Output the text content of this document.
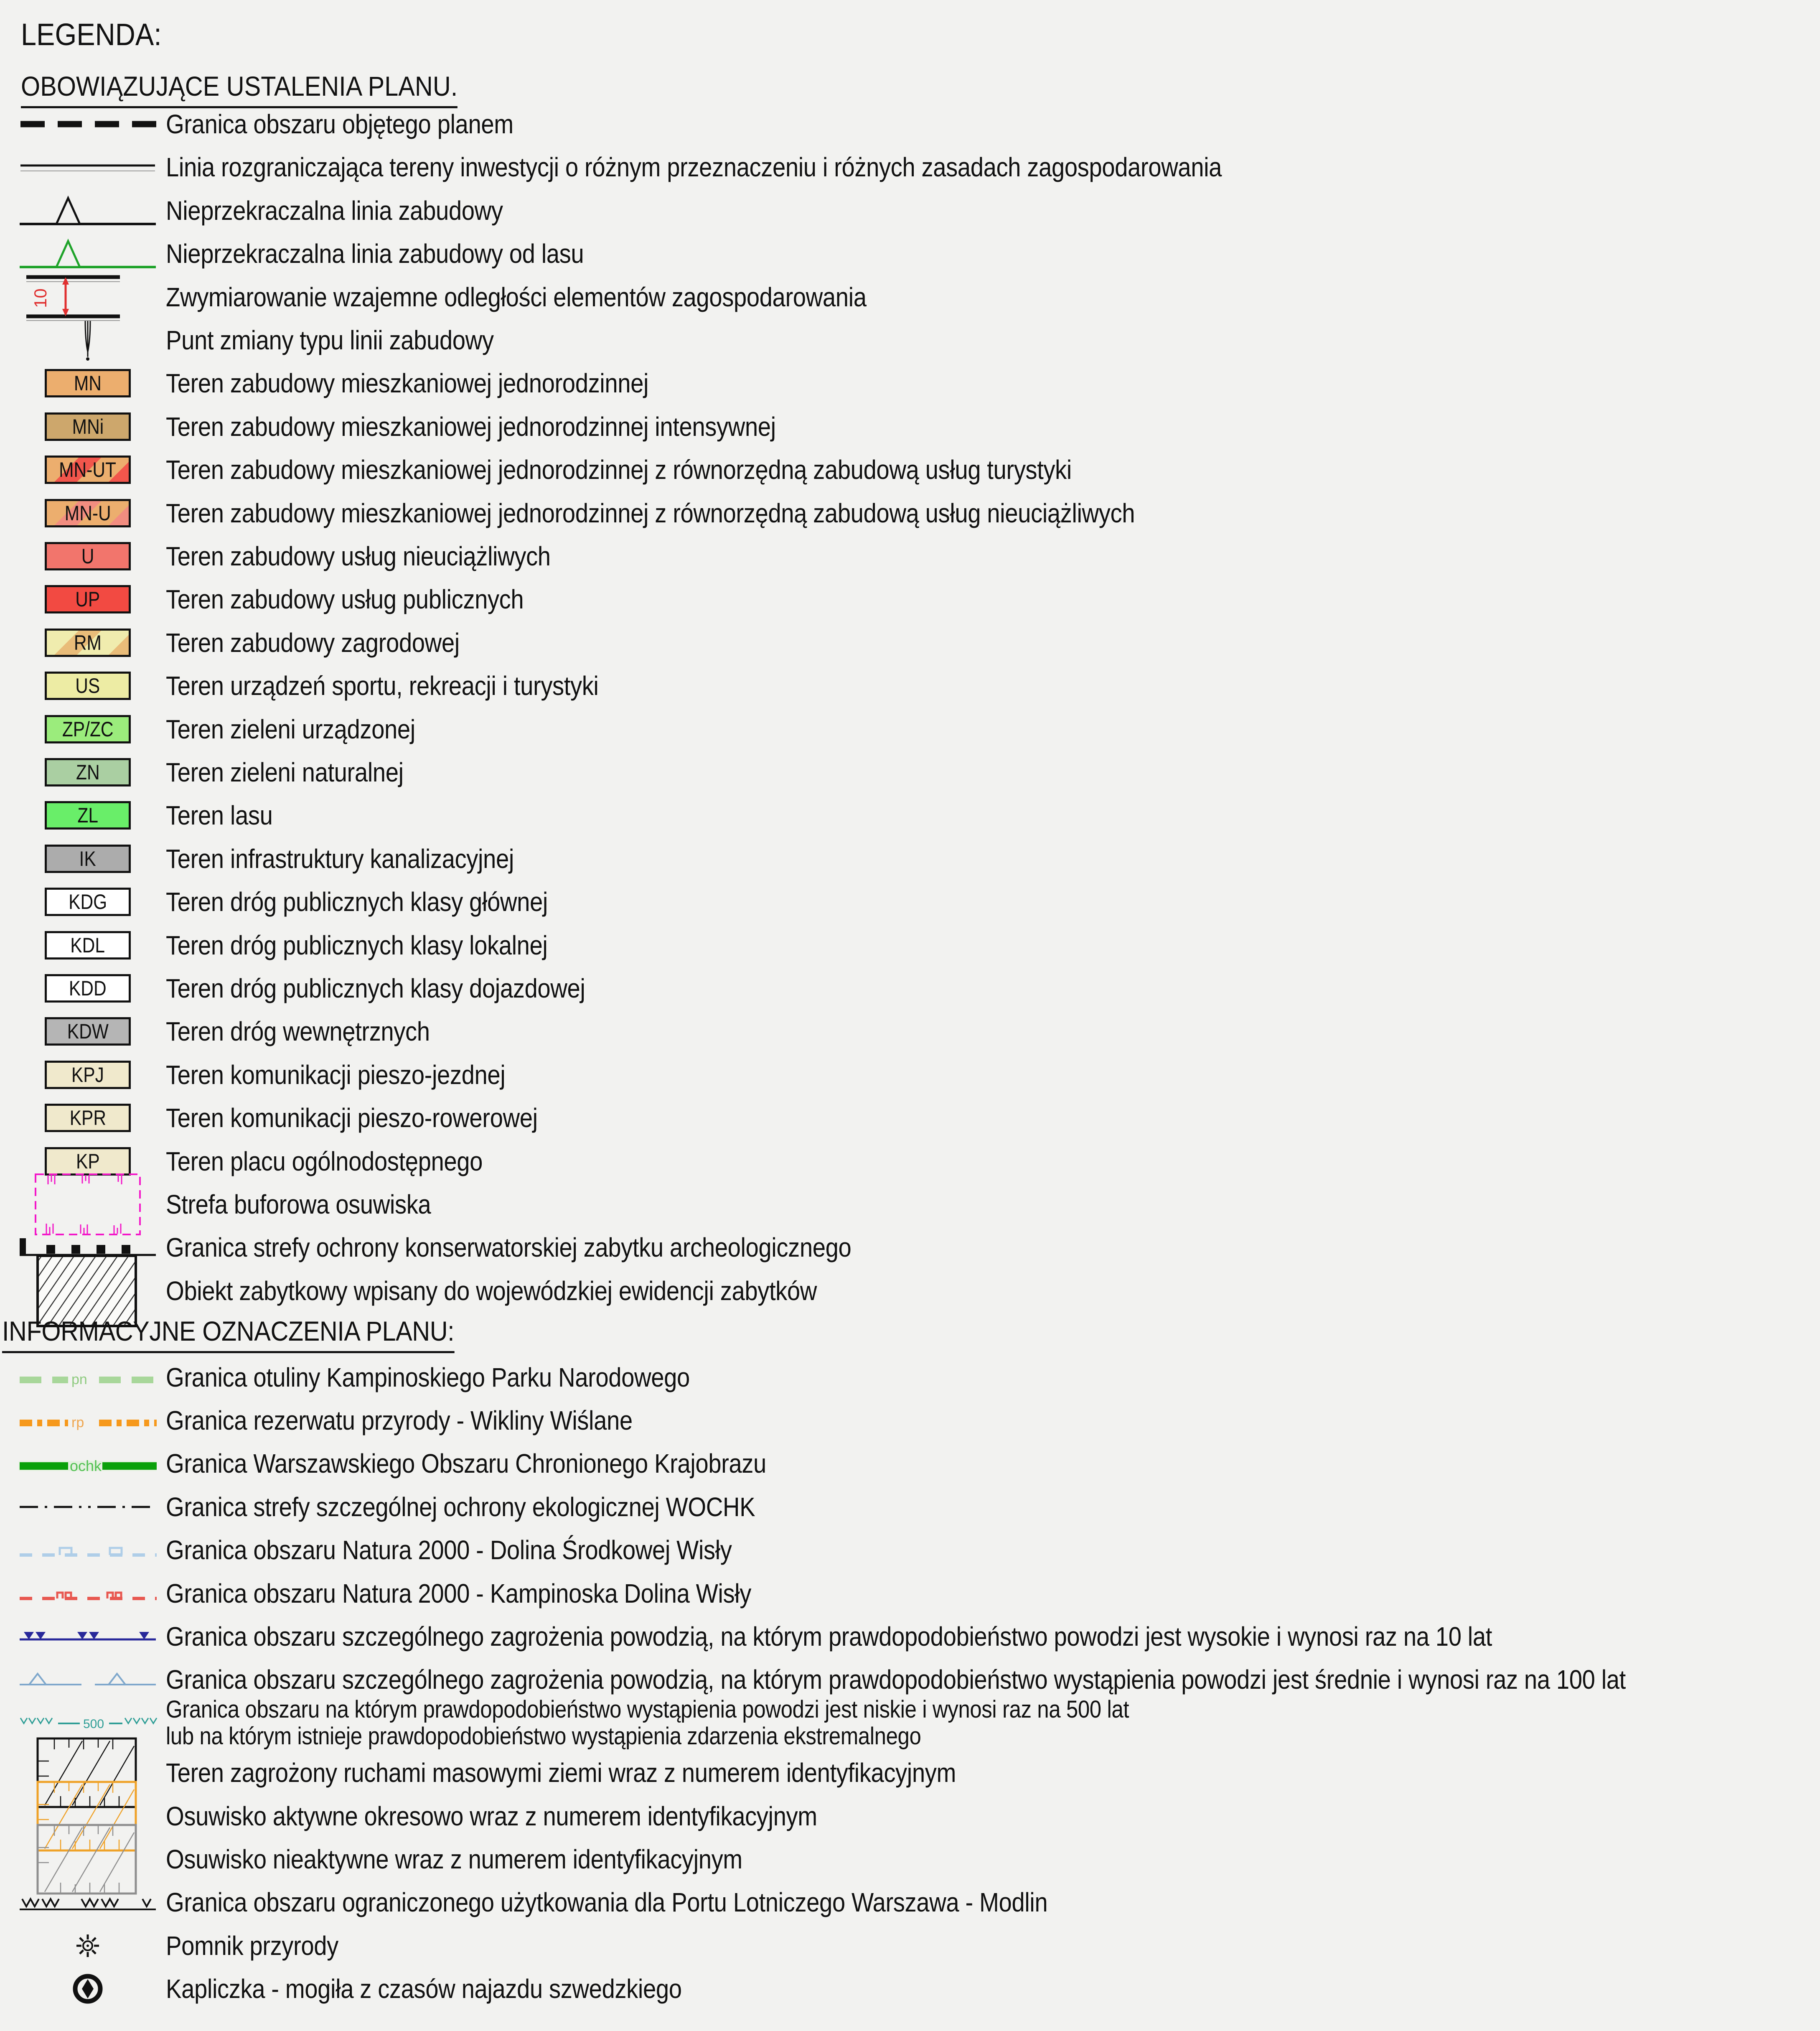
LEGENDA:
OBOWIĄZUJĄCE USTALENIA PLANU.
Granica obszaru objętego planem
Linia rozgraniczająca tereny inwestycji o różnym przeznaczeniu i różnych zasadach zagospodarowania
Nieprzekraczalna linia zabudowy
Nieprzekraczalna linia zabudowy od lasu
10	Zwymiarowanie wzajemne odległości elementów zagospodarowania
Punt zmiany typu linii zabudowy
MN Teren zabudowy mieszkaniowej jednorodzinnej
MNi Teren zabudowy mieszkaniowej jednorodzinnej intensywnej
MN-UT Teren zabudowy mieszkaniowej jednorodzinnej z równorzędną zabudową usług turystyki
MN-U Teren zabudowy mieszkaniowej jednorodzinnej z równorzędną zabudową usług nieuciążliwych
U	Teren zabudowy usług nieuciążliwych
UP Teren zabudowy usług publicznych
RM Teren zabudowy zagrodowej
US Teren urządzeń sportu, rekreacji i turystyki
ZP/ZC Teren zieleni urządzonej
ZN Teren zieleni naturalnej
ZL	Teren lasu
IK	Teren infrastruktury kanalizacyjnej
KDG Teren dróg publicznych klasy głównej
KDL Teren dróg publicznych klasy lokalnej
KDD Teren dróg publicznych klasy dojazdowej
KDW Teren dróg wewnętrznych
KPJ Teren komunikacji pieszo-jezdnej
KPR Teren komunikacji pieszo-rowerowej
KP Teren placu ogólnodostępnego
Strefa buforowa osuwiska
Granica strefy ochrony konserwatorskiej zabytku archeologicznego
Obiekt zabytkowy wpisany do wojewódzkiej ewidencji zabytków
INFORMACYJNE OZNACZENIA PLANU:
pn	Granica otuliny Kampinoskiego Parku Narodowego
rp	Granica rezerwatu przyrody - Wikliny Wiślane
ochk Granica Warszawskiego Obszaru Chronionego Krajobrazu
Granica strefy szczególnej ochrony ekologicznej WOCHK
Granica obszaru Natura 2000 - Dolina Środkowej Wisły
Granica obszaru Natura 2000 - Kampinoska Dolina Wisły
Granica obszaru szczególnego zagrożenia powodzią, na którym prawdopodobieństwo powodzi jest wysokie i wynosi raz na 10 lat
Granica obszaru szczególnego zagrożenia powodzią, na którym prawdopodobieństwo wystąpienia powodzi jest średnie i wynosi raz na 100 lat
500
Granica obszaru na którym prawdopodobieństwo wystąpienia powodzi jest niskie i wynosi raz na 500 lat
lub na którym istnieje prawdopodobieństwo wystąpienia zdarzenia ekstremalnego
Teren zagrożony ruchami masowymi ziemi wraz z numerem identyfikacyjnym
Osuwisko aktywne okresowo wraz z numerem identyfikacyjnym
Osuwisko nieaktywne wraz z numerem identyfikacyjnym
Granica obszaru ograniczonego użytkowania dla Portu Lotniczego Warszawa - Modlin
Pomnik przyrody
Kapliczka - mogiła z czasów najazdu szwedzkiego
